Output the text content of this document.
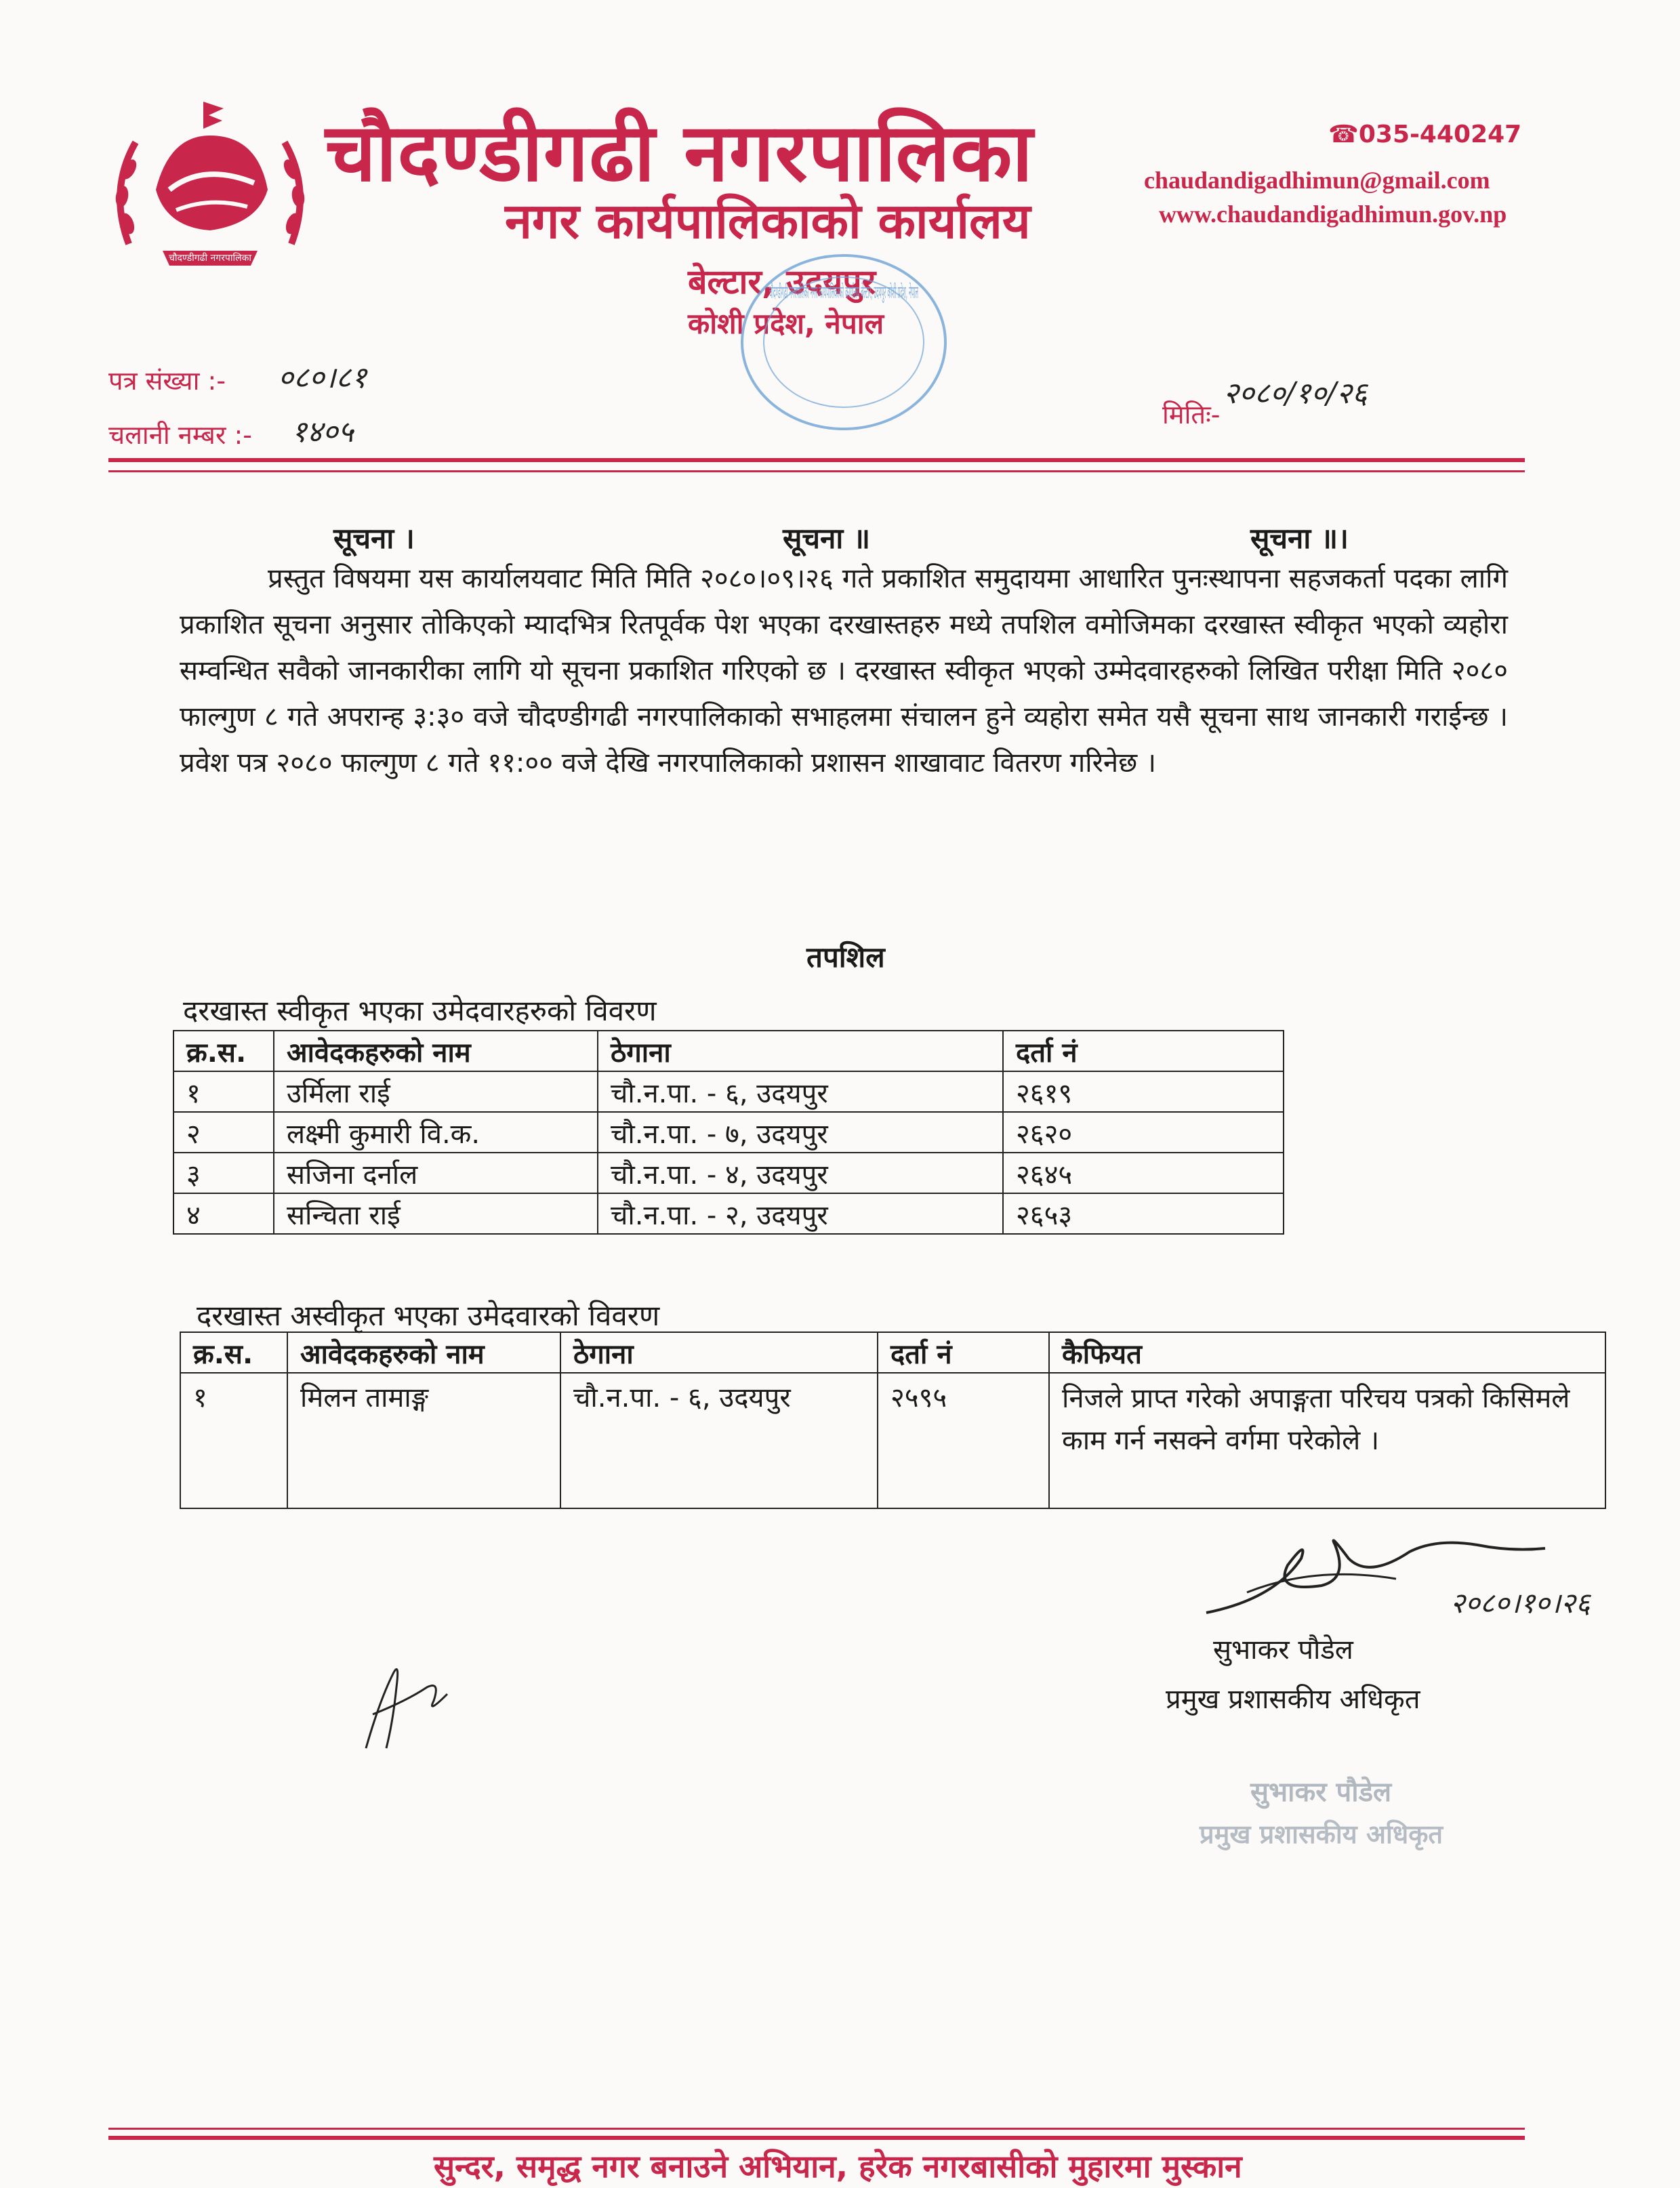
चौदण्डीगढी नगरपालिका
चौदण्डीगढी नगरपालिका
नगर कार्यपालिकाको कार्यालय
बेल्टार, उदयपुर
कोशी प्रदेश, नेपाल
☎035-440247
chaudandigadhimun@gmail.com
www.chaudandigadhimun.gov.np
चौदण्डीगढी नगरपालिका नगर कार्यपालिकाको कार्यालय बेल्टार, उदयपुर कोशी प्रदेश, नेपाल
पत्र संख्या :- ०८०।८१
चलानी नम्बर :- १४०५	मितिः-
२०८०/१०/२६
सूचना ।	सूचना ॥	सूचना ॥।
प्रस्तुत विषयमा यस कार्यालयवाट मिति मिति २०८०।०९।२६ गते प्रकाशित समुदायमा आधारित पुनःस्थापना सहजकर्ता पदका लागि प्रकाशित सूचना अनुसार तोकिएको म्यादभित्र रितपूर्वक पेश भएका दरखास्तहरु मध्ये तपशिल वमोजिमका दरखास्त स्वीकृत भएको व्यहोरा सम्वन्धित सवैको जानकारीका लागि यो सूचना प्रकाशित गरिएको छ । दरखास्त स्वीकृत भएको उम्मेदवारहरुको लिखित परीक्षा मिति २०८० फाल्गुण ८ गते अपरान्ह ३:३० वजे चौदण्डीगढी नगरपालिकाको सभाहलमा संचालन हुने व्यहोरा समेत यसै सूचना साथ जानकारी गराईन्छ । प्रवेश पत्र २०८० फाल्गुण ८ गते ११:०० वजे देखि नगरपालिकाको प्रशासन शाखावाट वितरण गरिनेछ ।
तपशिल
दरखास्त स्वीकृत भएका उमेदवारहरुको विवरण
क्र.स.	आवेदकहरुको नाम	ठेगाना	दर्ता नं
१	उर्मिला राई	चौ.न.पा. - ६, उदयपुर	२६१९
२	लक्ष्मी कुमारी वि.क.	चौ.न.पा. - ७, उदयपुर	२६२०
३	सजिना दर्नाल	चौ.न.पा. - ४, उदयपुर	२६४५
४	सन्चिता राई	चौ.न.पा. - २, उदयपुर	२६५३
दरखास्त अस्वीकृत भएका उमेदवारको विवरण
क्र.स.	आवेदकहरुको नाम	ठेगाना	दर्ता नं	कैफियत
१	मिलन तामाङ्ग	चौ.न.पा. - ६, उदयपुर	२५९५	निजले प्राप्त गरेको अपाङ्गता परिचय पत्रको किसिमले काम गर्न नसक्ने वर्गमा परेकोले ।
२०८०।१०।२६
सुभाकर पौडेल
प्रमुख प्रशासकीय अधिकृत
सुभाकर पौडेल
प्रमुख प्रशासकीय अधिकृत
सुन्दर, समृद्ध नगर बनाउने अभियान, हरेक नगरबासीको मुहारमा मुस्कान
